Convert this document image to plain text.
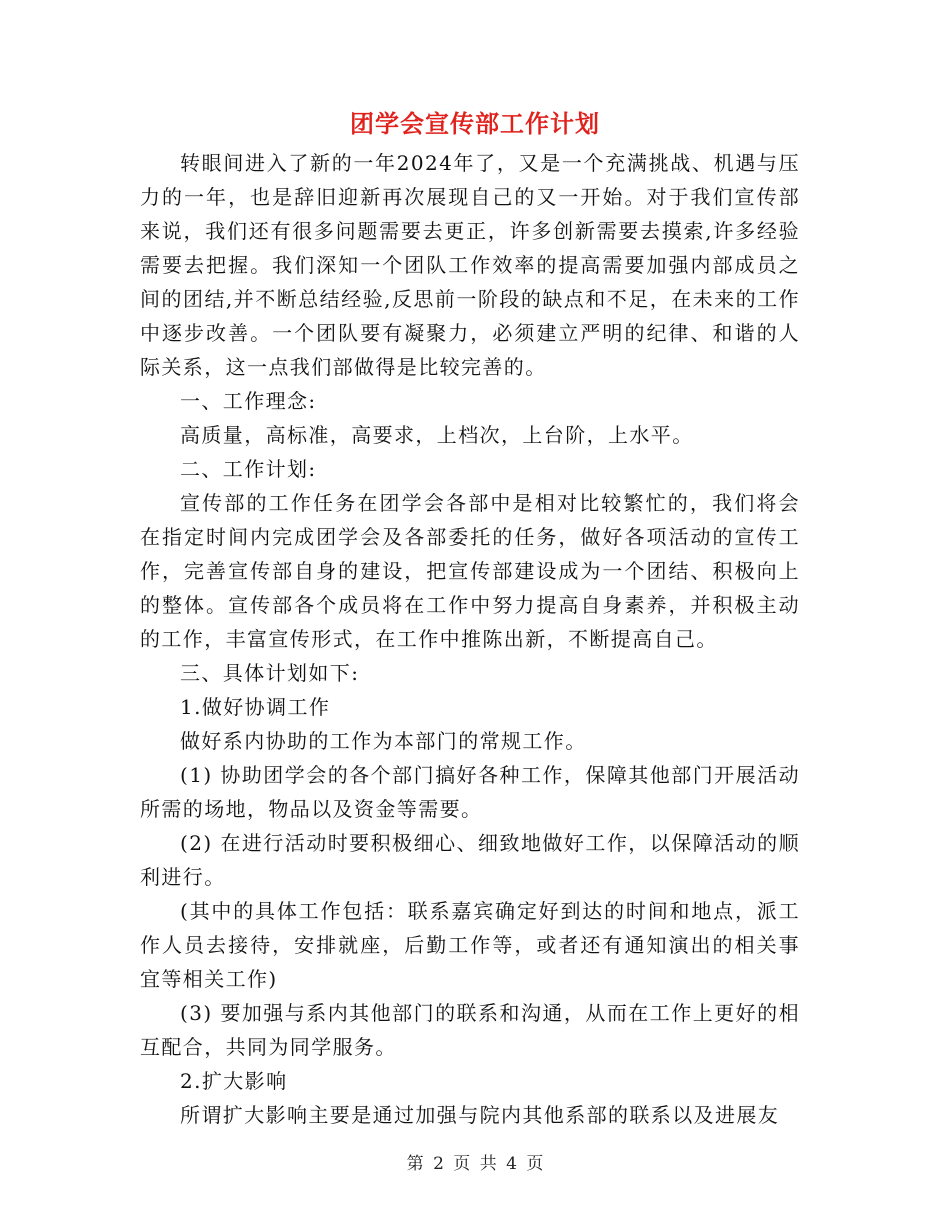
团学会宣传部工作计划

转眼间进入了新的一年2024年了，又是一个充满挑战、机遇与压力的一年，也是辞旧迎新再次展现自己的又一开始。对于我们宣传部来说，我们还有很多问题需要去更正，许多创新需要去摸索,许多经验需要去把握。我们深知一个团队工作效率的提高需要加强内部成员之间的团结,并不断总结经验,反思前一阶段的缺点和不足，在未来的工作中逐步改善。一个团队要有凝聚力，必须建立严明的纪律、和谐的人际关系，这一点我们部做得是比较完善的。

一、工作理念:

高质量，高标准，高要求，上档次，上台阶，上水平。

二、工作计划:

宣传部的工作任务在团学会各部中是相对比较繁忙的，我们将会在指定时间内完成团学会及各部委托的任务，做好各项活动的宣传工作，完善宣传部自身的建设，把宣传部建设成为一个团结、积极向上的整体。宣传部各个成员将在工作中努力提高自身素养，并积极主动的工作，丰富宣传形式，在工作中推陈出新，不断提高自己。

三、具体计划如下:

1.做好协调工作

做好系内协助的工作为本部门的常规工作。

(1) 协助团学会的各个部门搞好各种工作，保障其他部门开展活动所需的场地，物品以及资金等需要。

(2) 在进行活动时要积极细心、细致地做好工作，以保障活动的顺利进行。

(其中的具体工作包括：联系嘉宾确定好到达的时间和地点，派工作人员去接待，安排就座，后勤工作等，或者还有通知演出的相关事宜等相关工作)

(3) 要加强与系内其他部门的联系和沟通，从而在工作上更好的相互配合，共同为同学服务。

2.扩大影响

所谓扩大影响主要是通过加强与院内其他系部的联系以及进展友

第 2 页 共 4 页
